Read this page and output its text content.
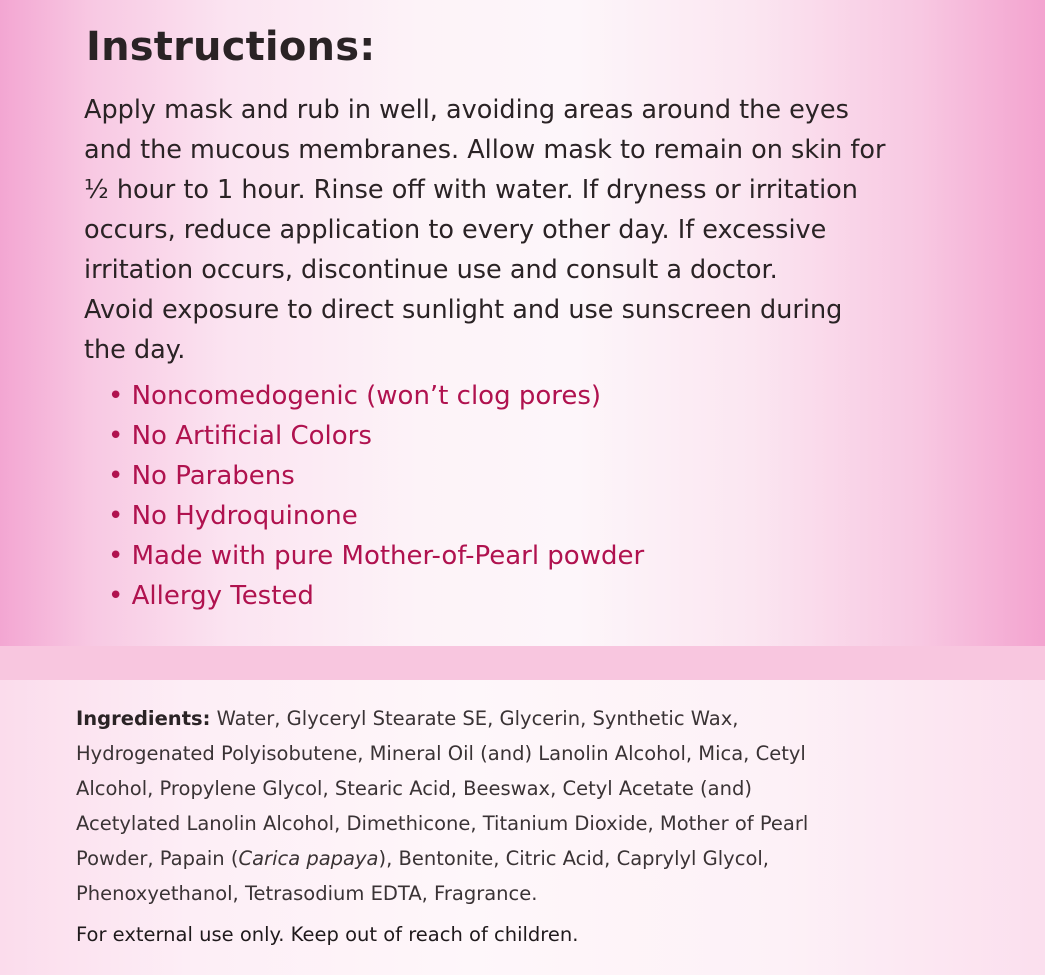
Instructions:

Apply mask and rub in well, avoiding areas around the eyes
and the mucous membranes. Allow mask to remain on skin for
½ hour to 1 hour. Rinse off with water. If dryness or irritation
occurs, reduce application to every other day. If excessive
irritation occurs, discontinue use and consult a doctor.
Avoid exposure to direct sunlight and use sunscreen during
the day.

• Noncomedogenic (won’t clog pores)
• No Artificial Colors
• No Parabens
• No Hydroquinone
• Made with pure Mother-of-Pearl powder
• Allergy Tested

Ingredients: Water, Glyceryl Stearate SE, Glycerin, Synthetic Wax,
Hydrogenated Polyisobutene, Mineral Oil (and) Lanolin Alcohol, Mica, Cetyl
Alcohol, Propylene Glycol, Stearic Acid, Beeswax, Cetyl Acetate (and)
Acetylated Lanolin Alcohol, Dimethicone, Titanium Dioxide, Mother of Pearl
Powder, Papain (Carica papaya), Bentonite, Citric Acid, Caprylyl Glycol,
Phenoxyethanol, Tetrasodium EDTA, Fragrance.

For external use only. Keep out of reach of children.
